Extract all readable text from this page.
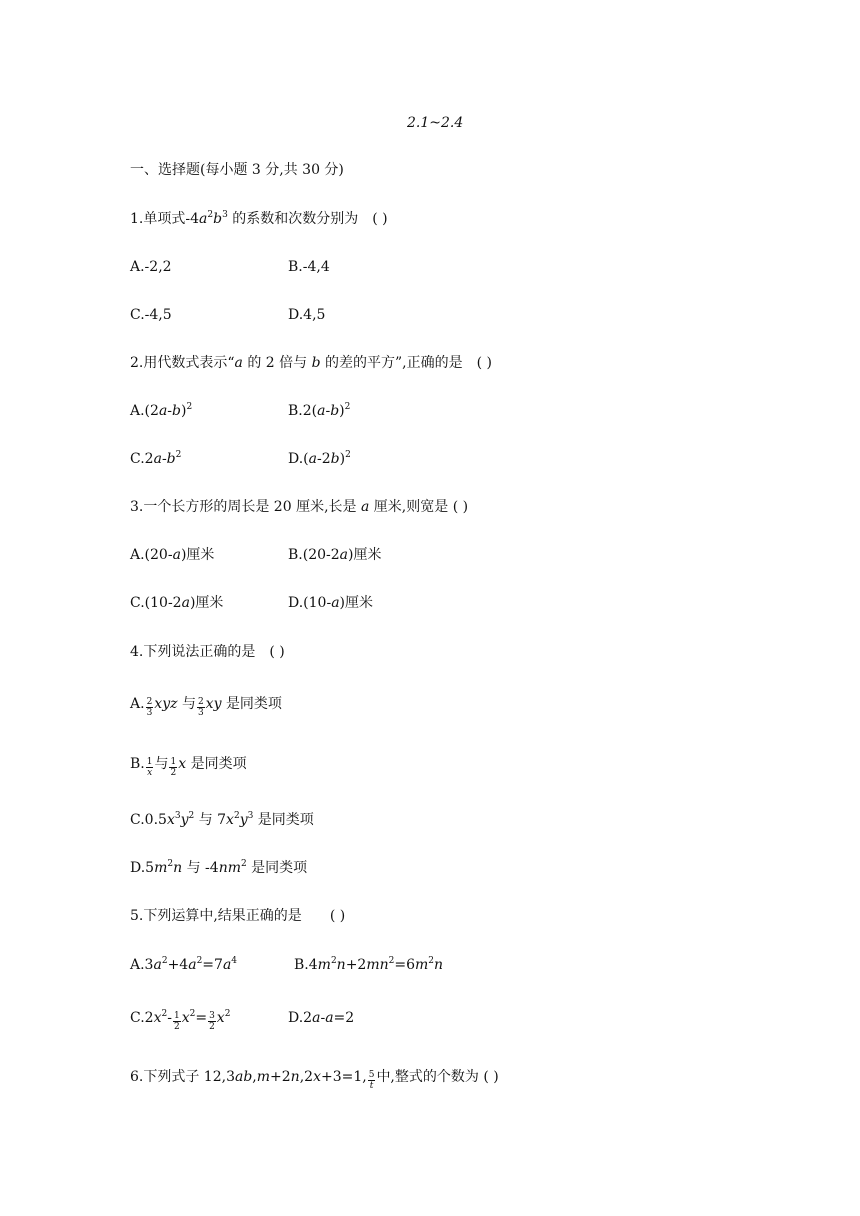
2.1~2.4
一、选择题(每小题 3 分,共 30 分)
1.单项式$-4a^2b^3$ 的系数和次数分别为 ( )
A.-2,2	B.-4,4
C.-4,5	D.4,5
2.用代数式表示“a 的 2 倍与 b 的差的平方”,正确的是 ( )
$A.(2a-b)^2$	$B.2(a-b)^2$
$C.2a-b^2$	$D.(a-2b)^2$
3.一个长方形的周长是 20 厘米,长是 a 厘米,则宽是 ( )
A.(20-a)厘米	B.(20-2a)厘米
C.(10-2a)厘米	D.(10-a)厘米
4.下列说法正确的是 ( )
A. $\frac{2}{3}$ xyz 与 $\frac{2}{3}$ xy 是同类项
B. $\frac{1}{x}$ 与 $\frac{1}{2}$ x 是同类项
$C.0.5x^3y^2$ 与 $7x^2y^3$ 是同类项
$D.5m^2n$ 与 $-4nm^2$ 是同类项
5.下列运算中,结果正确的是 ( )
$A.3a^2+4a^2=7a^4$	$B.4m^2n+2mn^2=6m^2n$
$C.2x^2- \frac{1}{2} x^2= \frac{3}{2} x^2$	D.2a-a=2
6.下列式子 12,3ab,m+2n,2x+3=1, $\frac{5}{t}$ 中,整式的个数为 ( )
